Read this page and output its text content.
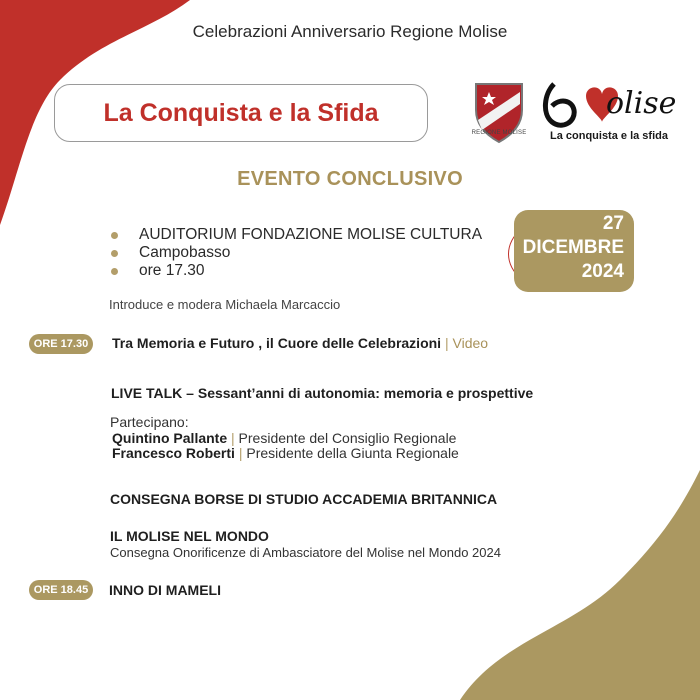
Celebrazioni Anniversario Regione Molise
La Conquista e la Sfida
REGIONE MOLISE
olise
La conquista e la sfida
EVENTO CONCLUSIVO
AUDITORIUM FONDAZIONE MOLISE CULTURA
Campobasso
ore 17.30
27
DICEMBRE
2024
Introduce e modera Michaela Marcaccio
ORE 17.30	Tra Memoria e Futuro , il Cuore delle Celebrazioni | Video
LIVE TALK – Sessant’anni di autonomia: memoria e prospettive
Partecipano:
Quintino Pallante | Presidente del Consiglio Regionale
Francesco Roberti | Presidente della Giunta Regionale
CONSEGNA BORSE DI STUDIO ACCADEMIA BRITANNICA
IL MOLISE NEL MONDO
Consegna Onorificenze di Ambasciatore del Molise nel Mondo 2024
ORE 18.45	INNO DI MAMELI
